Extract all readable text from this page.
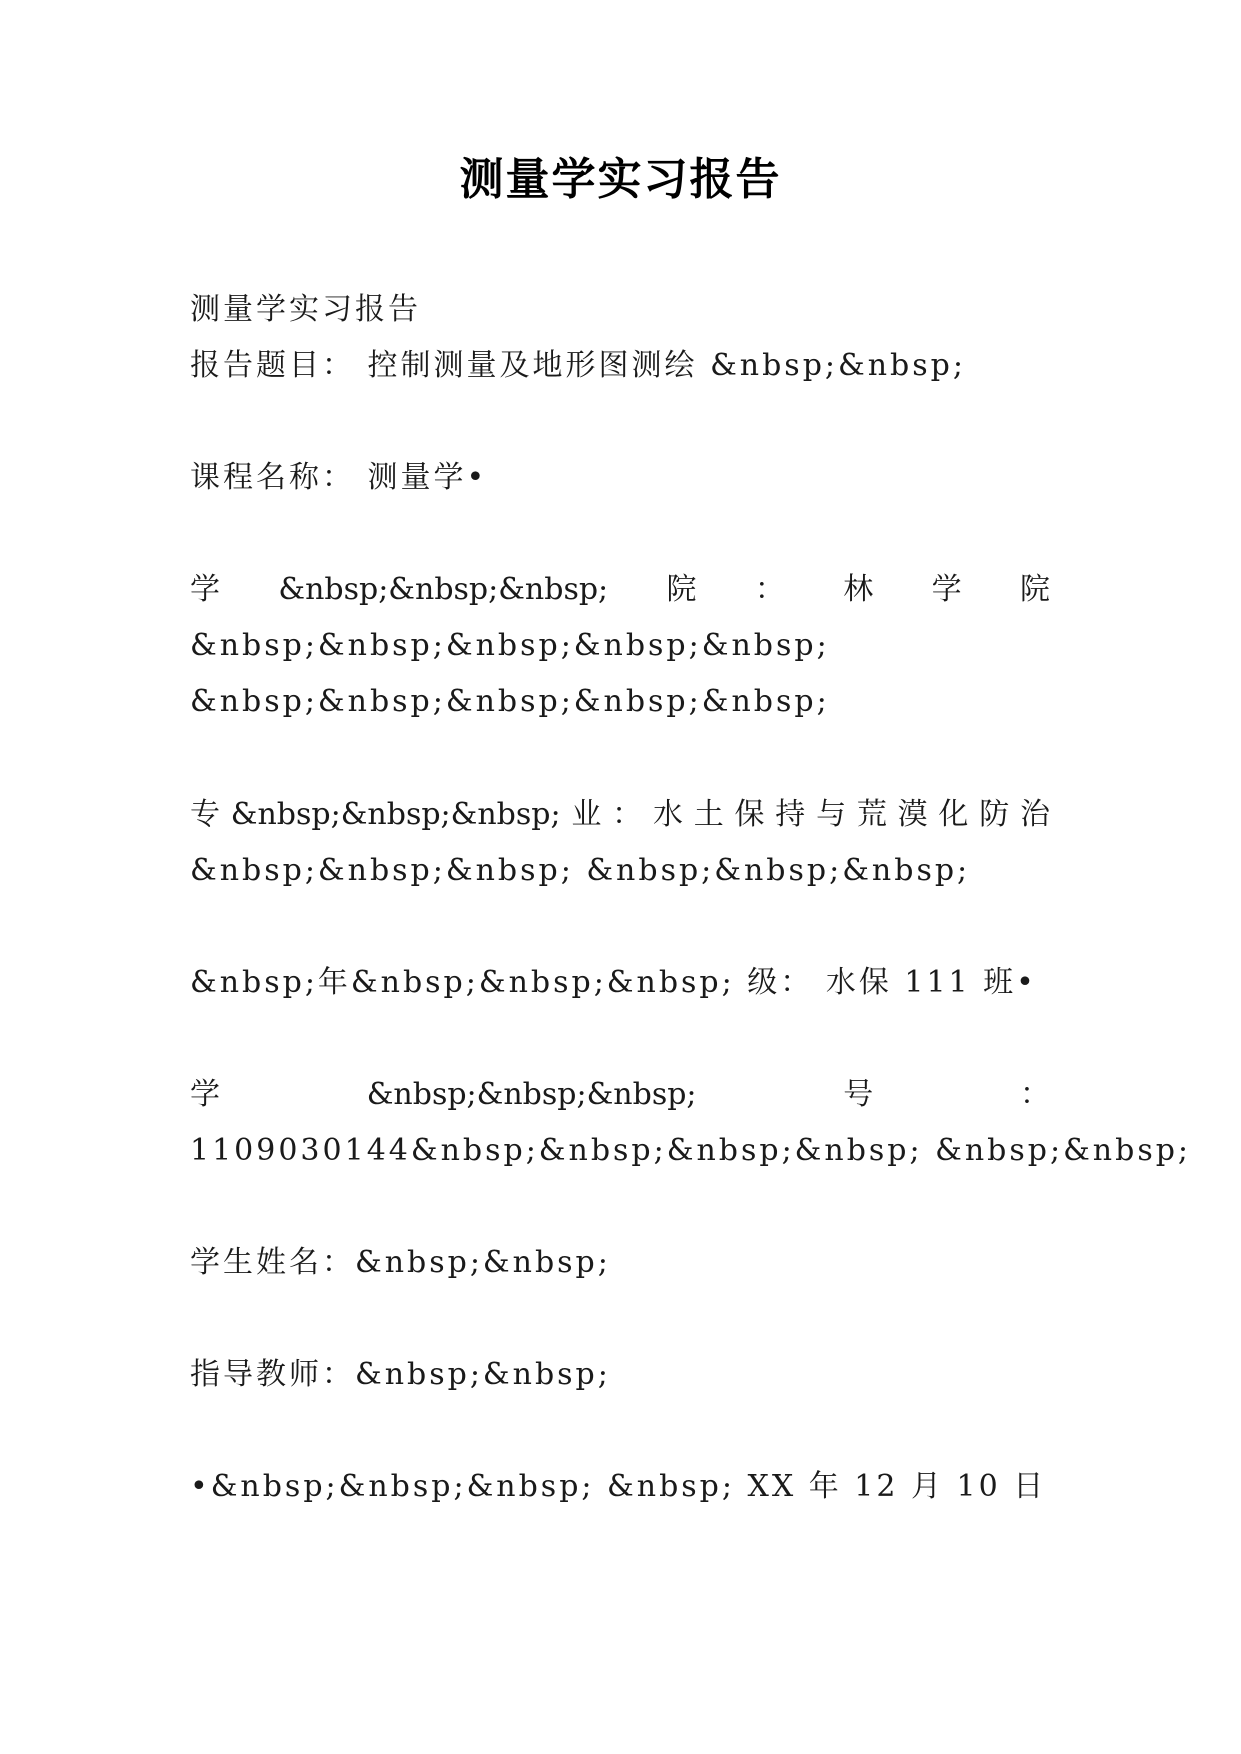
测量学实习报告
测量学实习报告
报告题目： 控制测量及地形图测绘 &nbsp;&nbsp;
课程名称： 测量学•
学 &nbsp;&nbsp;&nbsp; 院 ： 林 学 院
&nbsp;&nbsp;&nbsp;&nbsp;&nbsp;
&nbsp;&nbsp;&nbsp;&nbsp;&nbsp;
专 &nbsp;&nbsp;&nbsp; 业 ： 水 土 保 持 与 荒 漠 化 防 治
&nbsp;&nbsp;&nbsp; &nbsp;&nbsp;&nbsp;
&nbsp;年&nbsp;&nbsp;&nbsp; 级： 水保 111 班•
学	&nbsp;&nbsp;&nbsp;	号	：
1109030144&nbsp;&nbsp;&nbsp;&nbsp; &nbsp;&nbsp;
学生姓名：&nbsp;&nbsp;
指导教师：&nbsp;&nbsp;
•&nbsp;&nbsp;&nbsp; &nbsp; XX 年 12 月 10 日
